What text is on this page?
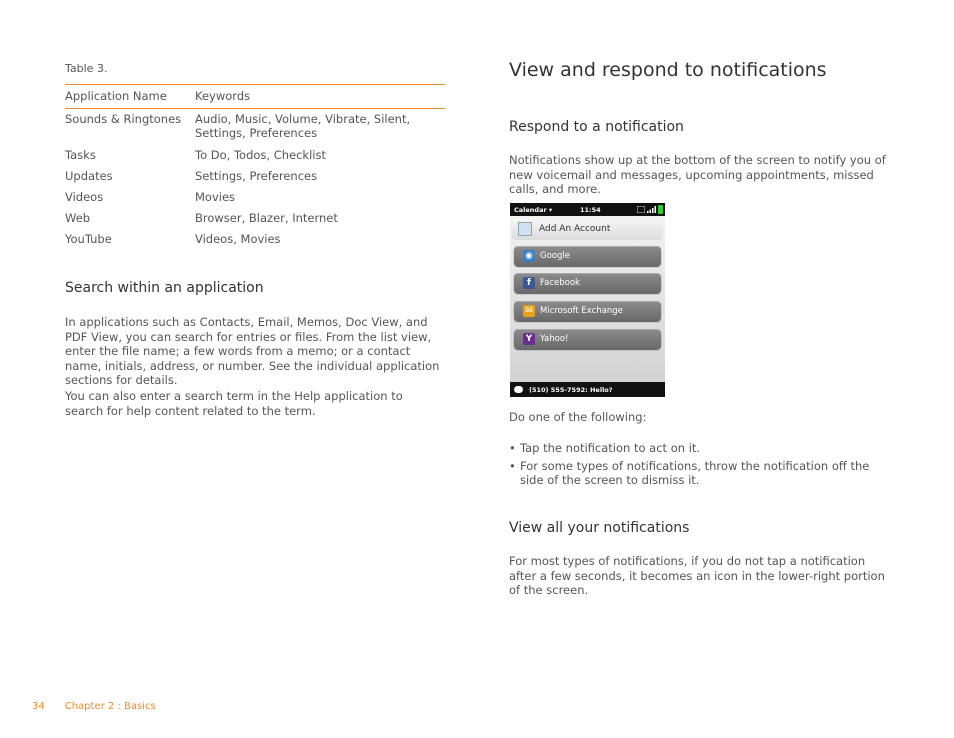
Table 3.
Application Name	Keywords
Sounds & Ringtones	Audio, Music, Volume, Vibrate, Silent, Settings, Preferences
Tasks	To Do, Todos, Checklist
Updates	Settings, Preferences
Videos	Movies
Web	Browser, Blazer, Internet
YouTube	Videos, Movies
Search within an application

In applications such as Contacts, Email, Memos, Doc View, and PDF View, you can search for entries or files. From the list view, enter the file name; a few words from a memo; or a contact name, initials, address, or number. See the individual application sections for details.

You can also enter a search term in the Help application to search for help content related to the term.

View and respond to notifications
Respond to a notification

Notifications show up at the bottom of the screen to notify you of new voicemail and messages, upcoming appointments, missed calls, and more.

Calendar ▾	11:54
Add An Account
◉ Google
f	Facebook
✉ Microsoft Exchange
Y Yahoo!
(510) 555-7592: Hello?

Do one of the following:

• Tap the notification to act on it.
• For some types of notifications, throw the notification off the side of the screen to dismiss it.
View all your notifications

For most types of notifications, if you do not tap a notification after a few seconds, it becomes an icon in the lower-right portion of the screen.

34 Chapter 2 : Basics
